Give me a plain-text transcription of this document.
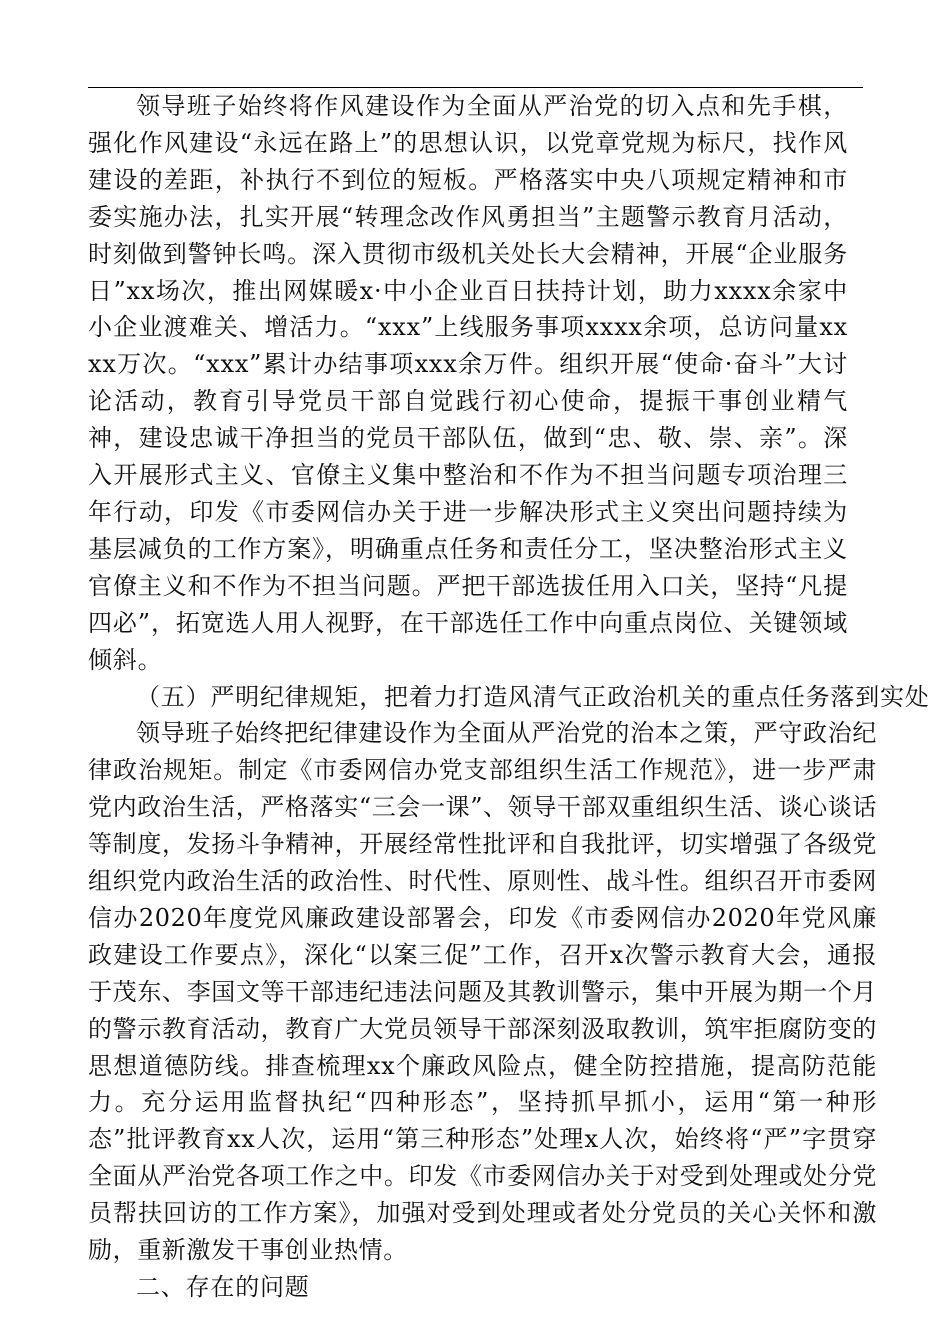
领导班子始终将作风建设作为全面从严治党的切入点和先手棋，强化作风建设“永远在路上”的思想认识，以党章党规为标尺，找作风建设的差距，补执行不到位的短板。严格落实中央八项规定精神和市委实施办法，扎实开展“转理念改作风勇担当”主题警示教育月活动，时刻做到警钟长鸣。深入贯彻市级机关处长大会精神，开展“企业服务日”xx场次，推出网媒暖x·中小企业百日扶持计划，助力xxxx余家中小企业渡难关、增活力。“xxx”上线服务事项xxxx余项，总访问量xxxx万次。“xxx”累计办结事项xxx余万件。组织开展“使命·奋斗”大讨论活动，教育引导党员干部自觉践行初心使命，提振干事创业精气神，建设忠诚干净担当的党员干部队伍，做到“忠、敬、崇、亲”。深入开展形式主义、官僚主义集中整治和不作为不担当问题专项治理三年行动，印发《市委网信办关于进一步解决形式主义突出问题持续为基层减负的工作方案》，明确重点任务和责任分工，坚决整治形式主义官僚主义和不作为不担当问题。严把干部选拔任用入口关，坚持“凡提四必”，拓宽选人用人视野，在干部选任工作中向重点岗位、关键领域倾斜。

（五）严明纪律规矩，把着力打造风清气正政治机关的重点任务落到实处

领导班子始终把纪律建设作为全面从严治党的治本之策，严守政治纪律政治规矩。制定《市委网信办党支部组织生活工作规范》，进一步严肃党内政治生活，严格落实“三会一课”、领导干部双重组织生活、谈心谈话等制度，发扬斗争精神，开展经常性批评和自我批评，切实增强了各级党组织党内政治生活的政治性、时代性、原则性、战斗性。组织召开市委网信办2020年度党风廉政建设部署会，印发《市委网信办2020年党风廉政建设工作要点》，深化“以案三促”工作，召开x次警示教育大会，通报于茂东、李国文等干部违纪违法问题及其教训警示，集中开展为期一个月的警示教育活动，教育广大党员领导干部深刻汲取教训，筑牢拒腐防变的思想道德防线。排查梳理xx个廉政风险点，健全防控措施，提高防范能力。充分运用监督执纪“四种形态”，坚持抓早抓小，运用“第一种形态”批评教育xx人次，运用“第三种形态”处理x人次，始终将“严”字贯穿全面从严治党各项工作之中。印发《市委网信办关于对受到处理或处分党员帮扶回访的工作方案》，加强对受到处理或者处分党员的关心关怀和激励，重新激发干事创业热情。

二、存在的问题
